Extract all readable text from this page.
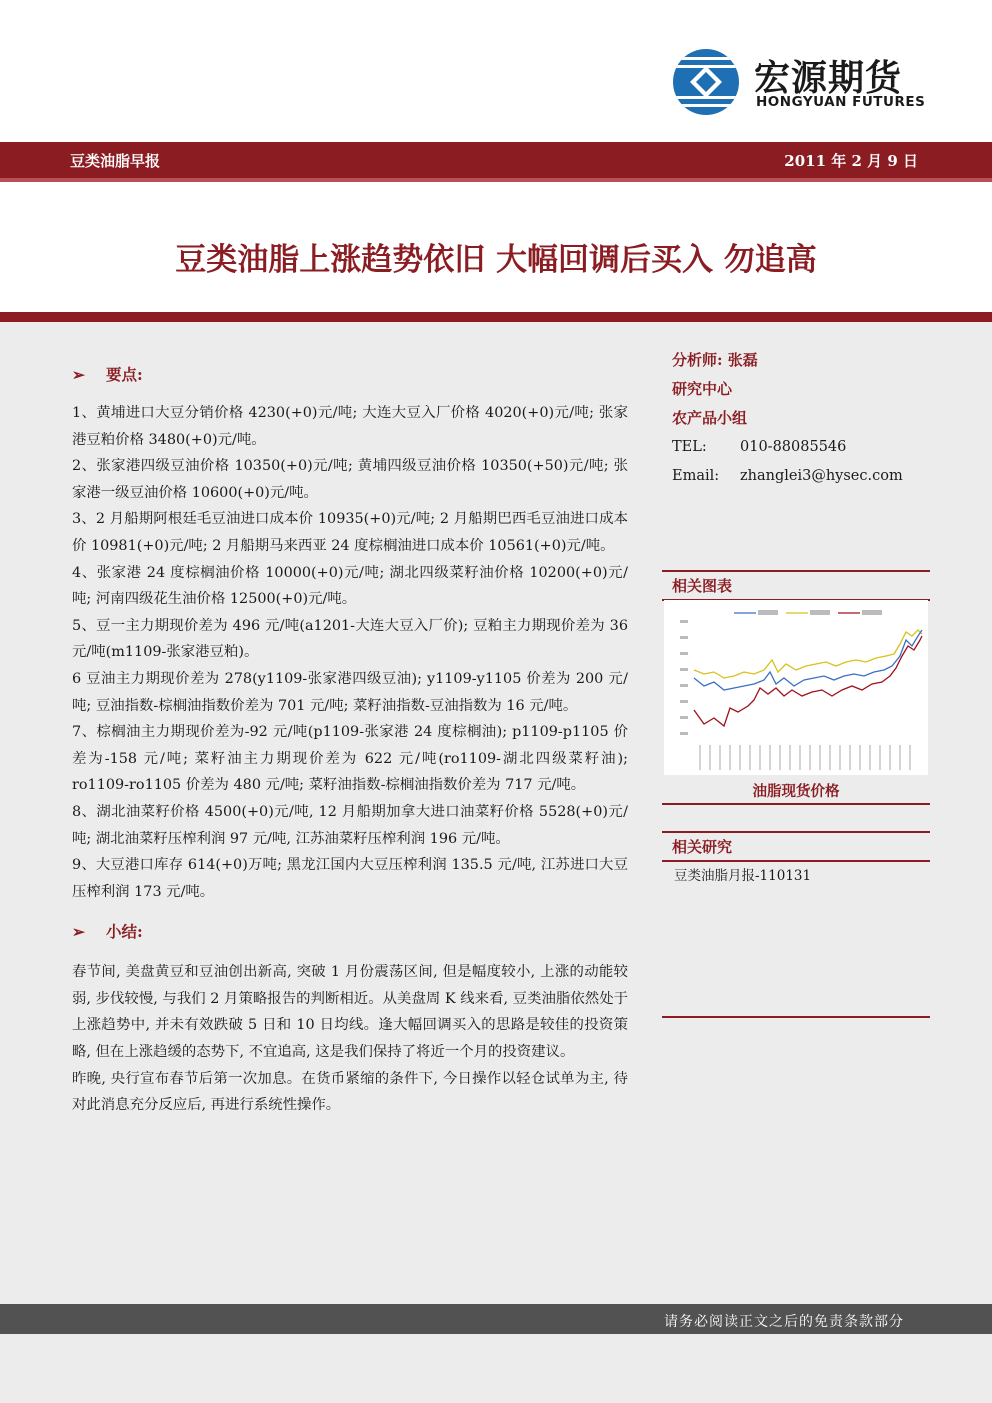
宏源期货
HONGYUAN FUTURES
豆类油脂早报	2011 年 2 月 9 日
豆类油脂上涨趋势依旧 大幅回调后买入 勿追高
➢ 要点:

1、黄埔进口大豆分销价格 4230(+0)元/吨; 大连大豆入厂价格 4020(+0)元/吨; 张家港豆粕价格 3480(+0)元/吨。

2、张家港四级豆油价格 10350(+0)元/吨; 黄埔四级豆油价格 10350(+50)元/吨; 张家港一级豆油价格 10600(+0)元/吨。

3、2 月船期阿根廷毛豆油进口成本价 10935(+0)元/吨; 2 月船期巴西毛豆油进口成本价 10981(+0)元/吨; 2 月船期马来西亚 24 度棕榈油进口成本价 10561(+0)元/吨。

4、张家港 24 度棕榈油价格 10000(+0)元/吨; 湖北四级菜籽油价格 10200(+0)元/吨; 河南四级花生油价格 12500(+0)元/吨。

5、豆一主力期现价差为 496 元/吨(a1201-大连大豆入厂价); 豆粕主力期现价差为 36 元/吨(m1109-张家港豆粕)。

6 豆油主力期现价差为 278(y1109-张家港四级豆油); y1109-y1105 价差为 200 元/吨; 豆油指数-棕榈油指数价差为 701 元/吨; 菜籽油指数-豆油指数为 16 元/吨。

7、棕榈油主力期现价差为-92 元/吨(p1109-张家港 24 度棕榈油); p1109-p1105 价差为-158 元/吨; 菜籽油主力期现价差为 622 元/吨(ro1109-湖北四级菜籽油); ro1109-ro1105 价差为 480 元/吨; 菜籽油指数-棕榈油指数价差为 717 元/吨。

8、湖北油菜籽价格 4500(+0)元/吨, 12 月船期加拿大进口油菜籽价格 5528(+0)元/吨; 湖北油菜籽压榨利润 97 元/吨, 江苏油菜籽压榨利润 196 元/吨。

9、大豆港口库存 614(+0)万吨; 黑龙江国内大豆压榨利润 135.5 元/吨, 江苏进口大豆压榨利润 173 元/吨。

➢ 小结:

春节间, 美盘黄豆和豆油创出新高, 突破 1 月份震荡区间, 但是幅度较小, 上涨的动能较弱, 步伐较慢, 与我们 2 月策略报告的判断相近。从美盘周 K 线来看, 豆类油脂依然处于上涨趋势中, 并未有效跌破 5 日和 10 日均线。逢大幅回调买入的思路是较佳的投资策略, 但在上涨趋缓的态势下, 不宜追高, 这是我们保持了将近一个月的投资建议。

昨晚, 央行宣布春节后第一次加息。在货币紧缩的条件下, 今日操作以轻仓试单为主, 待对此消息充分反应后, 再进行系统性操作。

分析师: 张磊
研究中心
农产品小组
TEL: 010-88085546
Email: zhanglei3@hysec.com
相关图表
油脂现货价格
相关研究
豆类油脂月报-110131
请务必阅读正文之后的免责条款部分
